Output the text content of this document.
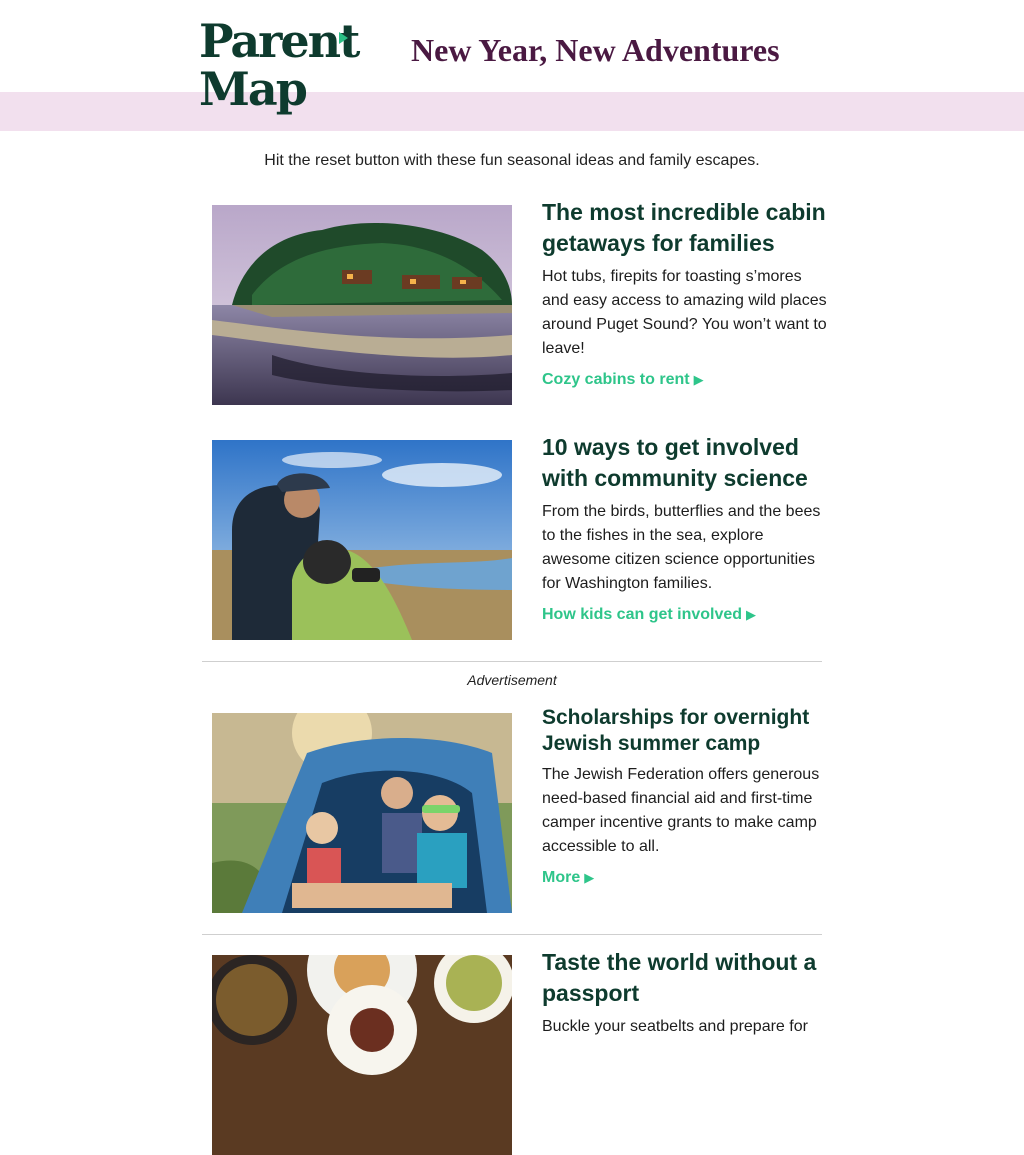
Parent
Map
New Year, New Adventures
Hit the reset button with these fun seasonal ideas and family escapes.
The most incredible cabin getaways for families

Hot tubs, firepits for toasting s’mores and easy access to amazing wild places around Puget Sound? You won’t want to leave!

Cozy cabins to rent ▶
10 ways to get involved with community science

From the birds, butterflies and the bees to the fishes in the sea, explore awesome citizen science opportunities for Washington families.

How kids can get involved ▶
Advertisement
Scholarships for overnight Jewish summer camp

The Jewish Federation offers generous need-based financial aid and first-time camper incentive grants to make camp accessible to all.

More ▶
Taste the world without a passport

Buckle your seatbelts and prepare for
